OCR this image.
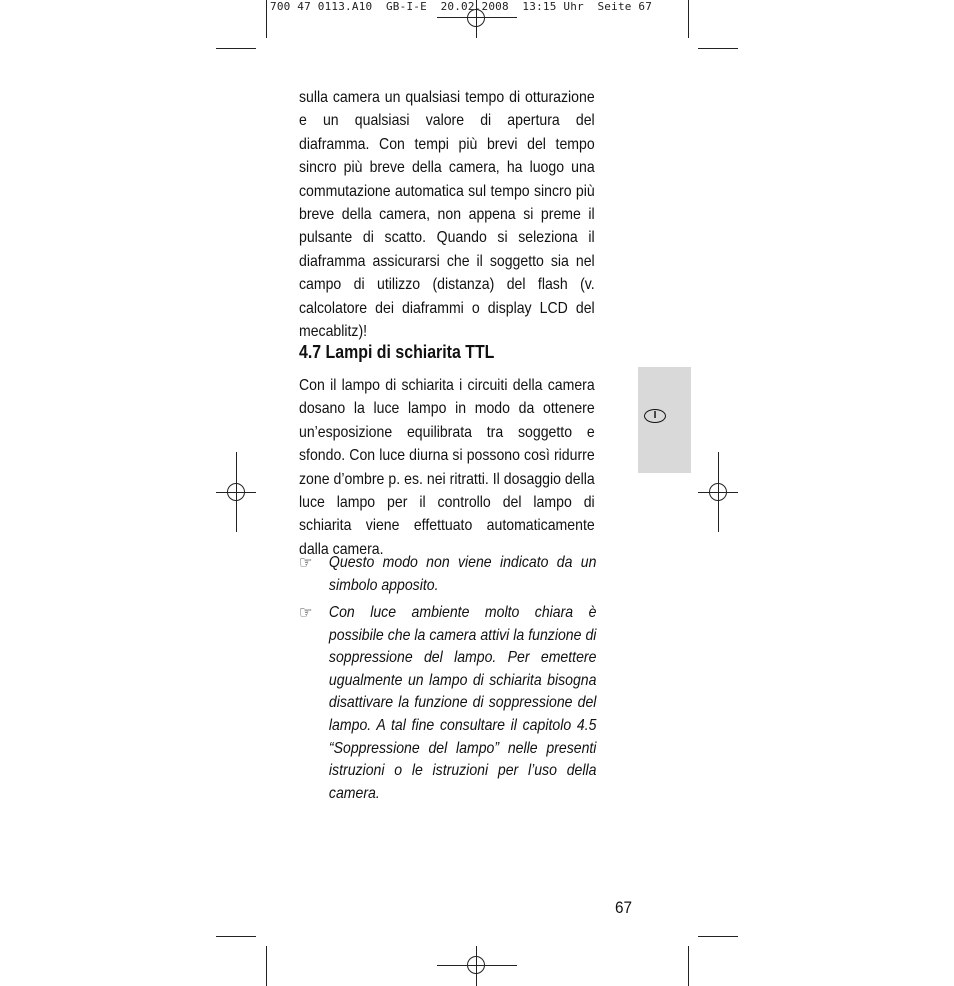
700 47 0113.A10  GB-I-E  20.02.2008  13:15 Uhr  Seite 67

sulla camera un qualsiasi tempo di otturazione e un qualsiasi valore di apertura del diaframma. Con tempi più brevi del tempo sincro più breve della camera, ha luogo una commutazione automatica sul tempo sincro più breve della camera, non appena si preme il pulsante di scatto. Quando si seleziona il diaframma assicurarsi che il soggetto sia nel campo di utilizzo (distanza) del flash (v. calcolatore dei diaframmi o display LCD del mecablitz)!

4.7 Lampi di schiarita TTL

Con il lampo di schiarita i circuiti della camera dosano la luce lampo in modo da ottenere un’esposizione equilibrata tra soggetto e sfondo. Con luce diurna si possono così ridurre zone d’ombre p. es. nei ritratti. Il dosaggio della luce lampo per il controllo del lampo di schiarita viene effettuato automaticamente dalla camera.

☞ Questo modo non viene indicato da un simbolo apposito.
☞ Con luce ambiente molto chiara è possibile che la camera attivi la funzione di soppressione del lampo. Per emettere ugualmente un lampo di schiarita bisogna disattivare la funzione di soppressione del lampo. A tal fine consultare il capitolo 4.5 “Soppressione del lampo” nelle presenti istruzioni o le istruzioni per l’uso della camera.
I
67
